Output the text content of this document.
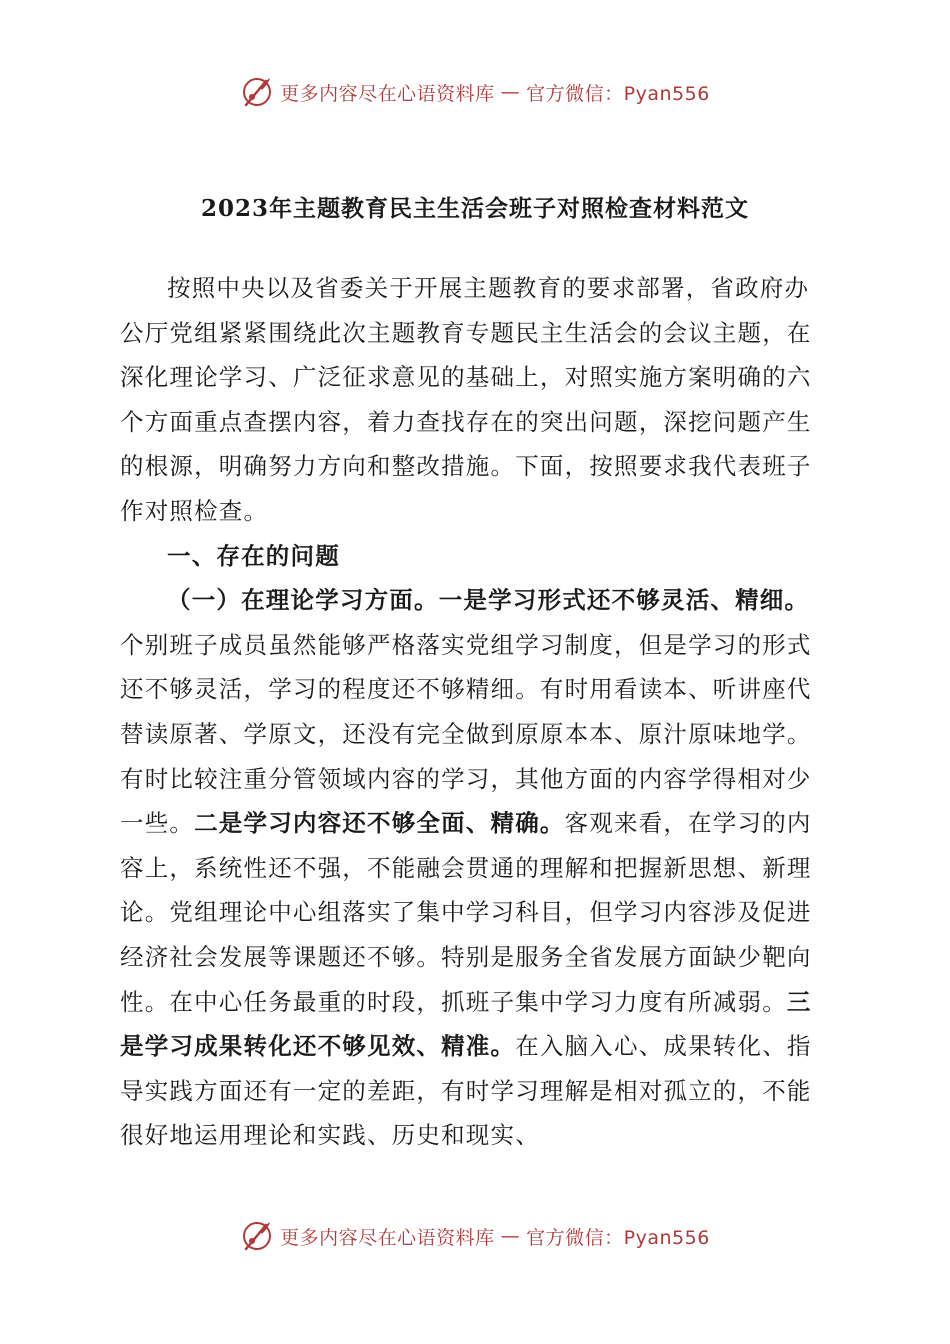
更多内容尽在心语资料库 — 官方微信：Pyan556
2023年主题教育民主生活会班子对照检查材料范文

按照中央以及省委关于开展主题教育的要求部署，省政府办公厅党组紧紧围绕此次主题教育专题民主生活会的会议主题，在深化理论学习、广泛征求意见的基础上，对照实施方案明确的六个方面重点查摆内容，着力查找存在的突出问题，深挖问题产生的根源，明确努力方向和整改措施。下面，按照要求我代表班子作对照检查。

一、存在的问题

（一）在理论学习方面。一是学习形式还不够灵活、精细。个别班子成员虽然能够严格落实党组学习制度，但是学习的形式还不够灵活，学习的程度还不够精细。有时用看读本、听讲座代替读原著、学原文，还没有完全做到原原本本、原汁原味地学。有时比较注重分管领域内容的学习，其他方面的内容学得相对少一些。二是学习内容还不够全面、精确。客观来看，在学习的内容上，系统性还不强，不能融会贯通的理解和把握新思想、新理论。党组理论中心组落实了集中学习科目，但学习内容涉及促进经济社会发展等课题还不够。特别是服务全省发展方面缺少靶向性。在中心任务最重的时段，抓班子集中学习力度有所减弱。三是学习成果转化还不够见效、精准。在入脑入心、成果转化、指导实践方面还有一定的差距，有时学习理解是相对孤立的，不能很好地运用理论和实践、历史和现实、

更多内容尽在心语资料库 — 官方微信：Pyan556
